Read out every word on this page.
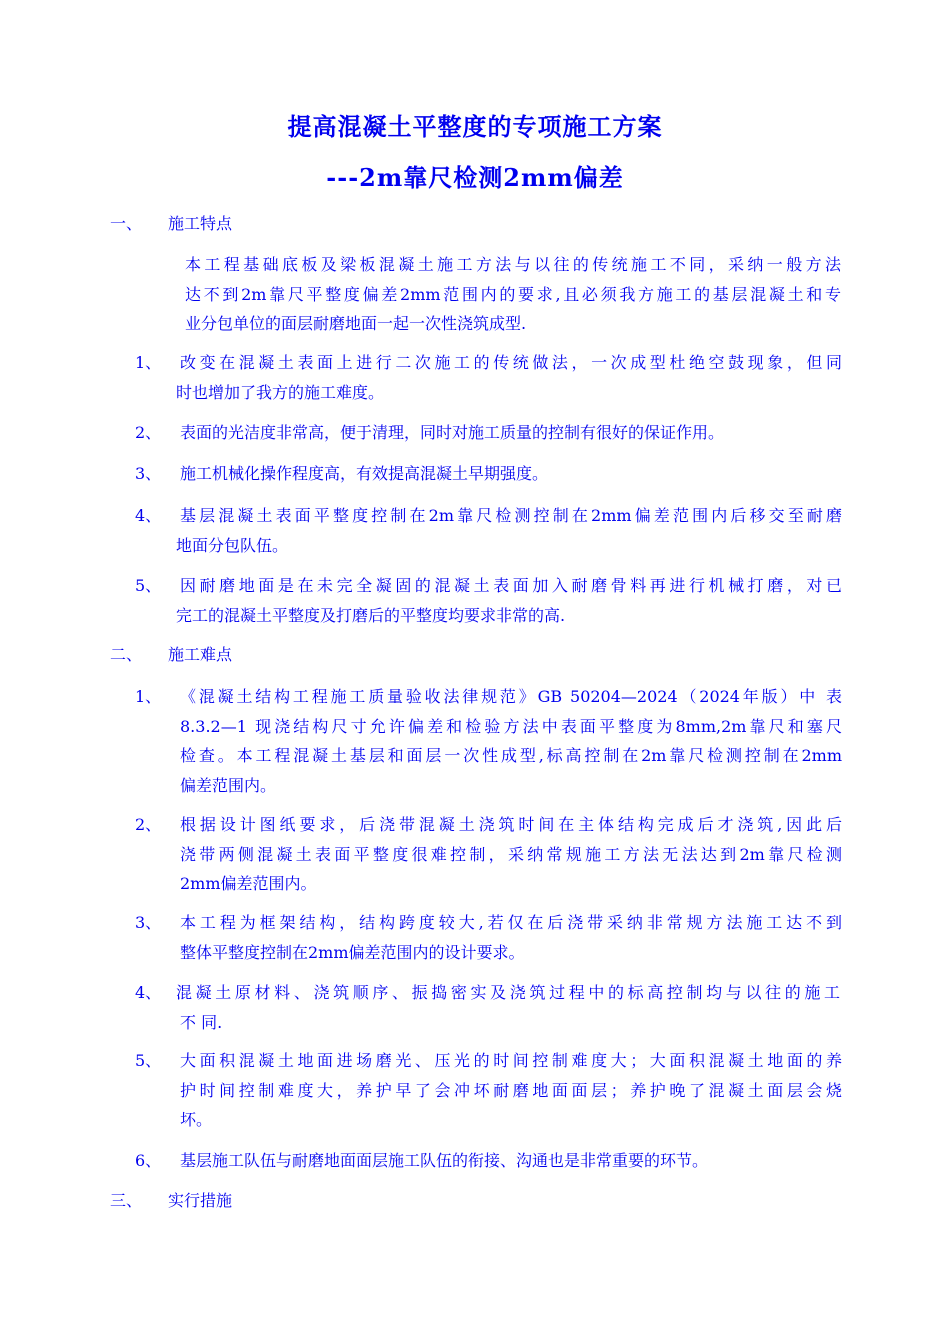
提高混凝土平整度的专项施工方案
---2m靠尺检测2mm偏差
一、 施工特点
本工程基础底板及梁板混凝土施工方法与以往的传统施工不同，采纳一般方法
达不到2m靠尺平整度偏差2mm范围内的要求,且必须我方施工的基层混凝土和专
业分包单位的面层耐磨地面一起一次性浇筑成型.
1、 改变在混凝土表面上进行二次施工的传统做法，一次成型杜绝空鼓现象，但同
时也增加了我方的施工难度。
2、 表面的光洁度非常高，便于清理，同时对施工质量的控制有很好的保证作用。
3、 施工机械化操作程度高，有效提高混凝土早期强度。
4、 基层混凝土表面平整度控制在2m靠尺检测控制在2mm偏差范围内后移交至耐磨
地面分包队伍。
5、 因耐磨地面是在未完全凝固的混凝土表面加入耐磨骨料再进行机械打磨，对已
完工的混凝土平整度及打磨后的平整度均要求非常的高.
二、 施工难点
1、 《混凝土结构工程施工质量验收法律规范》GB 50204—2024（2024年版）中 表
8.3.2—1 现浇结构尺寸允许偏差和检验方法中表面平整度为8mm,2m靠尺和塞尺
检查。本工程混凝土基层和面层一次性成型,标高控制在2m靠尺检测控制在2mm
偏差范围内。
2、 根据设计图纸要求，后浇带混凝土浇筑时间在主体结构完成后才浇筑,因此后
浇带两侧混凝土表面平整度很难控制，采纳常规施工方法无法达到2m靠尺检测
2mm偏差范围内。
3、 本工程为框架结构，结构跨度较大,若仅在后浇带采纳非常规方法施工达不到
整体平整度控制在2mm偏差范围内的设计要求。
4、 混凝土原材料、浇筑顺序、振捣密实及浇筑过程中的标高控制均与以往的施工
不 同.
5、 大面积混凝土地面进场磨光、压光的时间控制难度大；大面积混凝土地面的养
护时间控制难度大，养护早了会冲坏耐磨地面面层；养护晚了混凝土面层会烧
坏。
6、 基层施工队伍与耐磨地面面层施工队伍的衔接、沟通也是非常重要的环节。
三、 实行措施
